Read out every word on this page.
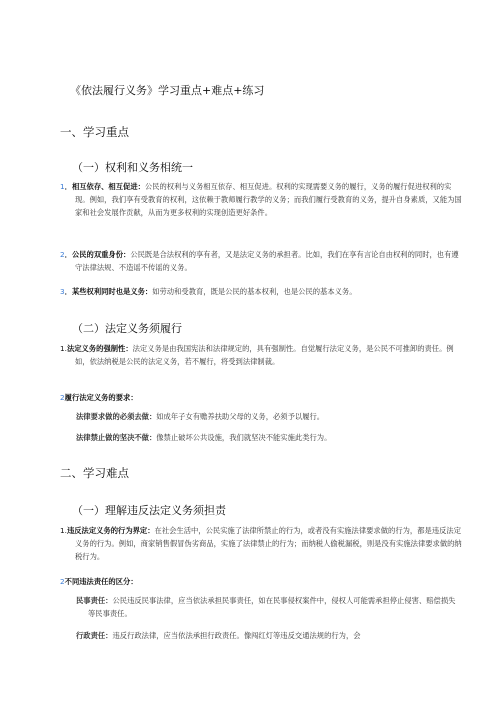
《依法履行义务》学习重点+难点+练习
一、学习重点
（一）权利和义务相统一
1．相互依存、相互促进：公民的权利与义务相互依存、相互促进。权利的实现需要义务的履行，义务的履行促进权利的实现。例如，我们享有受教育的权利，这依赖于教师履行教学的义务；而我们履行受教育的义务，提升自身素质，又能为国家和社会发展作贡献，从而为更多权利的实现创造更好条件。
2．公民的双重身份：公民既是合法权利的享有者，又是法定义务的承担者。比如，我们在享有言论自由权利的同时，也有遵守法律法规、不造谣不传谣的义务。
3．某些权利同时也是义务：如劳动和受教育，既是公民的基本权利，也是公民的基本义务。
（二）法定义务须履行
1.法定义务的强制性：法定义务是由我国宪法和法律规定的，具有强制性。自觉履行法定义务，是公民不可推卸的责任。例如，依法纳税是公民的法定义务，若不履行，将受到法律制裁。
2履行法定义务的要求：
法律要求做的必须去做：如成年子女有赡养扶助父母的义务，必须予以履行。
法律禁止做的坚决不做：像禁止破坏公共设施，我们就坚决不能实施此类行为。
二、学习难点
（一）理解违反法定义务须担责
1.违反法定义务的行为界定：在社会生活中，公民实施了法律所禁止的行为，或者没有实施法律要求做的行为，都是违反法定义务的行为。例如，商家销售假冒伪劣商品，实施了法律禁止的行为；而纳税人偷税漏税，则是没有实施法律要求做的纳税行为。
2不同违法责任的区分：
民事责任：公民违反民事法律，应当依法承担民事责任，如在民事侵权案件中，侵权人可能需承担停止侵害、赔偿损失等民事责任。
行政责任：违反行政法律，应当依法承担行政责任。像闯红灯等违反交通法规的行为，会
